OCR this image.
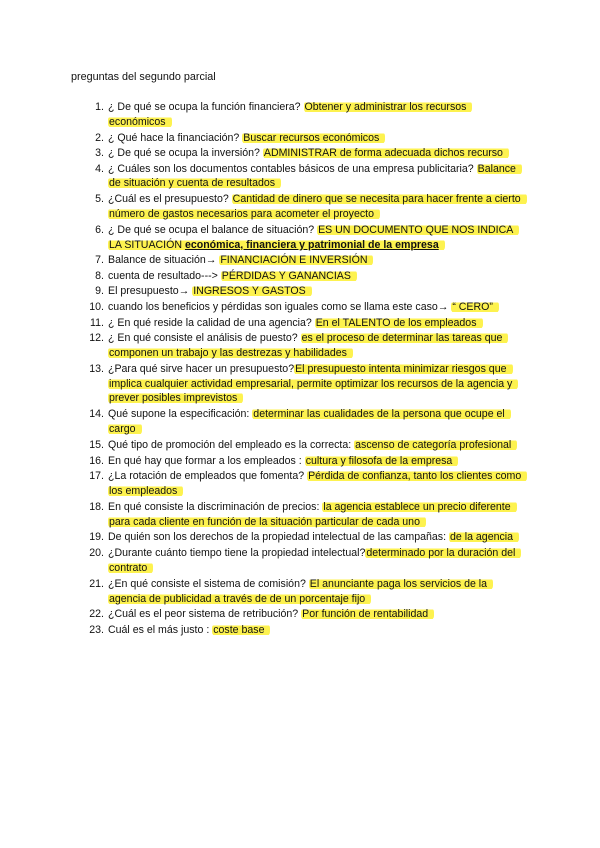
preguntas del segundo parcial
1. ¿ De qué se ocupa la función financiera? Obtener y administrar los recursos económicos
2. ¿ Qué hace la financiación? Buscar recursos económicos
3. ¿ De qué se ocupa la inversión? ADMINISTRAR de forma adecuada dichos recurso
4. ¿ Cuáles son los documentos contables básicos de una empresa publicitaria? Balance de situación y cuenta de resultados
5. ¿Cuál es el presupuesto? Cantidad de dinero que se necesita para hacer frente a cierto número de gastos necesarios para acometer el proyecto
6. ¿ De qué se ocupa el balance de situación? ES UN DOCUMENTO QUE NOS INDICA LA SITUACIÓN económica, financiera y patrimonial de la empresa
7. Balance de situación→ FINANCIACIÓN E INVERSIÓN
8. cuenta de resultado---> PÉRDIDAS Y GANANCIAS
9. El presupuesto→ INGRESOS Y GASTOS
10. cuando los beneficios y pérdidas son iguales como se llama este caso→ “ CERO”
11. ¿ En qué reside la calidad de una agencia? En el TALENTO de los empleados
12. ¿ En qué consiste el análisis de puesto? es el proceso de determinar las tareas que componen un trabajo y las destrezas y habilidades
13. ¿Para qué sirve hacer un presupuesto?El presupuesto intenta minimizar riesgos que implica cualquier actividad empresarial, permite optimizar los recursos de la agencia y prever posibles imprevistos
14. Qué supone la especificación: determinar las cualidades de la persona que ocupe el cargo
15. Qué tipo de promoción del empleado es la correcta: ascenso de categoría profesional
16. En qué hay que formar a los empleados : cultura y filosofa de la empresa
17. ¿La rotación de empleados que fomenta? Pérdida de confianza, tanto los clientes como los empleados
18. En qué consiste la discriminación de precios: la agencia establece un precio diferente para cada cliente en función de la situación particular de cada uno
19. De quién son los derechos de la propiedad intelectual de las campañas: de la agencia
20. ¿Durante cuánto tiempo tiene la propiedad intelectual?determinado por la duración del contrato
21. ¿En qué consiste el sistema de comisión? El anunciante paga los servicios de la agencia de publicidad a través de de un porcentaje fijo
22. ¿Cuál es el peor sistema de retribución? Por función de rentabilidad
23. Cuál es el más justo : coste base
